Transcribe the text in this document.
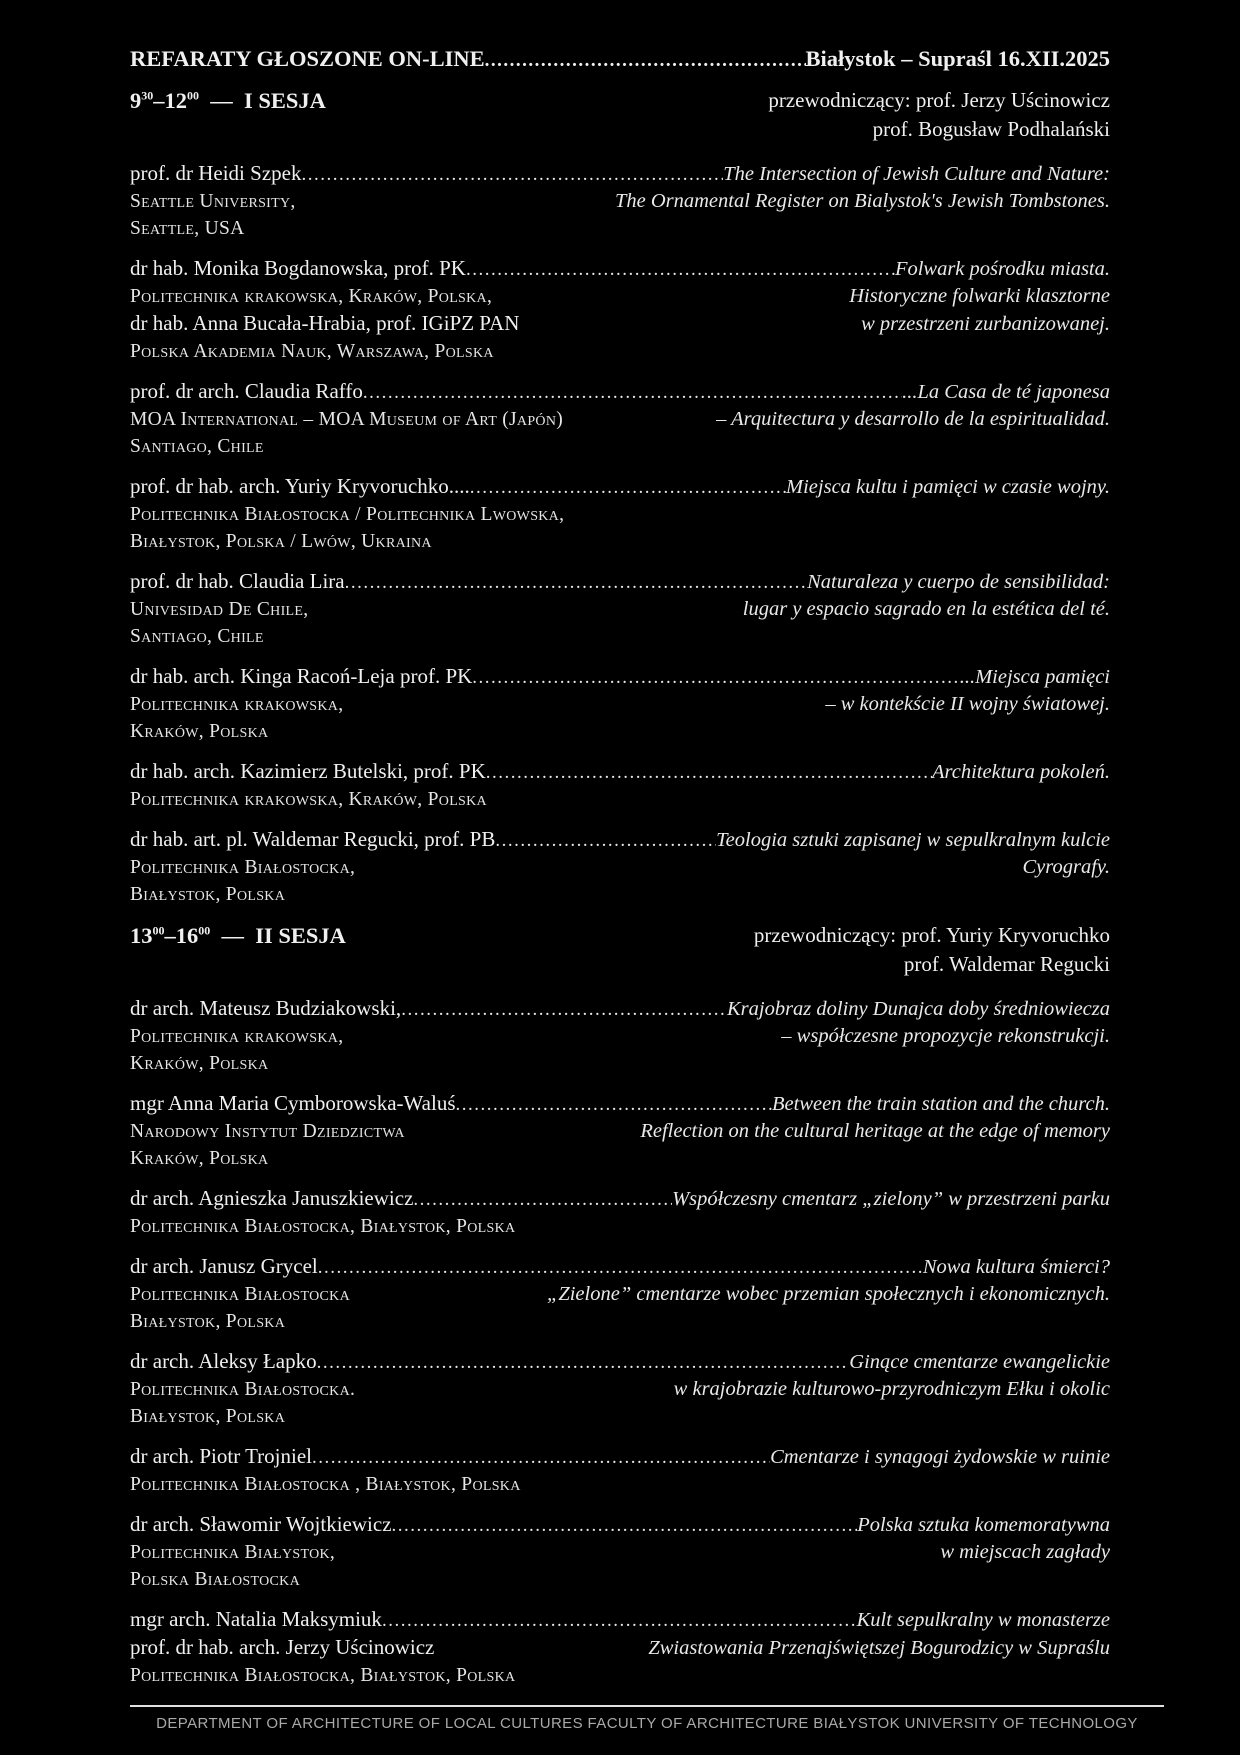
REFARATY GŁOSZONE ON-LINE .....	Białystok – Supraśl 16.XII.2025
$9^{30}-12^{00}$  —  I SESJA	przewodniczący: prof. Jerzy Uścinowicz
prof. Bogusław Podhalański
prof. dr Heidi Szpek .....	The Intersection of Jewish Culture and Nature:
Seattle University,	The Ornamental Register on Bialystok's Jewish Tombstones.
Seattle, USA
dr hab. Monika Bogdanowska, prof. PK .....	Folwark pośrodku miasta.
Politechnika krakowska, Kraków, Polska,	Historyczne folwarki klasztorne
dr hab. Anna Bucała-Hrabia, prof. IGiPZ PAN	w przestrzeni zurbanizowanej.
Polska Akademia Nauk, Warszawa, Polska
prof. dr arch. Claudia Raffo .....	...La Casa de té japonesa
MOA International – MOA Museum of Art (Japón)	– Arquitectura y desarrollo de la espiritualidad.
Santiago, Chile
prof. dr hab. arch. Yuriy Kryvoruchko.... .....	Miejsca kultu i pamięci w czasie wojny.
Politechnika Białostocka / Politechnika Lwowska,
Białystok, Polska / Lwów, Ukraina
prof. dr hab. Claudia Lira .....	Naturaleza y cuerpo de sensibilidad:
Univesidad De Chile,	lugar y espacio sagrado en la estética del té.
Santiago, Chile
dr hab. arch. Kinga Racoń-Leja prof. PK .....	...Miejsca pamięci
Politechnika krakowska,	– w kontekście II wojny światowej.
Kraków, Polska
dr hab. arch. Kazimierz Butelski, prof. PK .....	Architektura pokoleń.
Politechnika krakowska, Kraków, Polska
dr hab. art. pl. Waldemar Regucki, prof. PB .....	Teologia sztuki zapisanej w sepulkralnym kulcie
Politechnika Białostocka,	Cyrografy.
Białystok, Polska
$13^{00}-16^{00}$  —  II SESJA	przewodniczący: prof. Yuriy Kryvoruchko
prof. Waldemar Regucki
dr arch. Mateusz Budziakowski, .....	Krajobraz doliny Dunajca doby średniowiecza
Politechnika krakowska,	– współczesne propozycje rekonstrukcji.
Kraków, Polska
mgr Anna Maria Cymborowska-Waluś .....	Between the train station and the church.
Narodowy Instytut Dziedzictwa	Reflection on the cultural heritage at the edge of memory
Kraków, Polska
dr arch. Agnieszka Januszkiewicz .....	Współczesny cmentarz „zielony” w przestrzeni parku
Politechnika Białostocka, Białystok, Polska
dr arch. Janusz Grycel .....	Nowa kultura śmierci?
Politechnika Białostocka	„Zielone” cmentarze wobec przemian społecznych i ekonomicznych.
Białystok, Polska
dr arch. Aleksy Łapko .....	Ginące cmentarze ewangelickie
Politechnika Białostocka.	w krajobrazie kulturowo-przyrodniczym Ełku i okolic
Białystok, Polska
dr arch. Piotr Trojniel .....	Cmentarze i synagogi żydowskie w ruinie
Politechnika Białostocka , Białystok, Polska
dr arch. Sławomir Wojtkiewicz .....	Polska sztuka komemoratywna
Politechnika Białystok,	w miejscach zagłady
Polska Białostocka
mgr arch. Natalia Maksymiuk .....	Kult sepulkralny w monasterze
prof. dr hab. arch. Jerzy Uścinowicz	Zwiastowania Przenajświętszej Bogurodzicy w Supraślu
Politechnika Białostocka, Białystok, Polska
DEPARTMENT OF ARCHITECTURE OF LOCAL CULTURES FACULTY OF ARCHITECTURE BIAŁYSTOK UNIVERSITY OF TECHNOLOGY
